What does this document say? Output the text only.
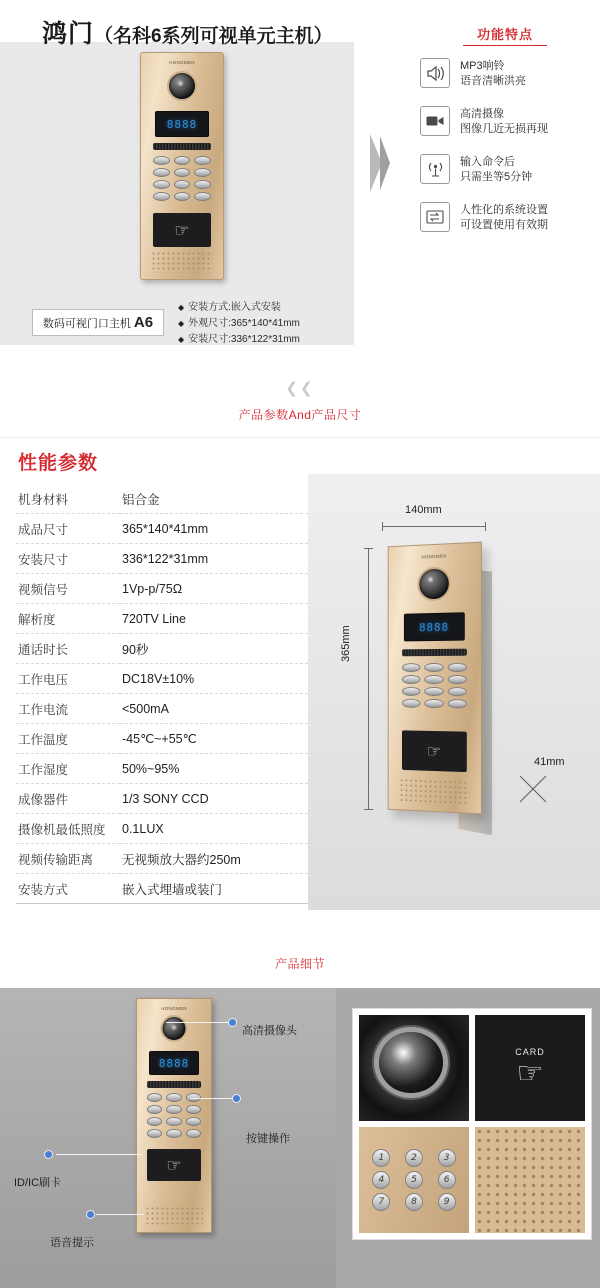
鸿门（名科6系列可视单元主机）
HONGMEN
8888
☞
数码可视门口主机 A6
◆ 安装方式:嵌入式安装
◆ 外观尺寸:365*140*41mm
◆ 安装尺寸:336*122*31mm
功能特点
MP3响铃
语音清晰洪亮
高清摄像
图像几近无损再现
输入命令后
只需坐等5分钟
人性化的系统设置
可设置使用有效期
❮❮
产品参数And产品尺寸
性能参数
机身材料	铝合金
成品尺寸	365*140*41mm
安装尺寸	336*122*31mm
视频信号	1Vp-p/75Ω
解析度	720TV Line
通话时长	90秒
工作电压	DC18V±10%
工作电流	<500mA
工作温度	-45℃~+55℃
工作湿度	50%~95%
成像器件	1/3 SONY CCD
摄像机最低照度	0.1LUX
视频传输距离	无视频放大器约250m
安装方式	嵌入式埋墙或装门
HONGMEN
8888
☞
140mm
365mm
41mm
产品细节
HONGMEN
8888
☞
高清摄像头
按键操作
ID/IC刷卡
语音提示
CARD
☞
1	2	3
4	5	6
7	8	9
